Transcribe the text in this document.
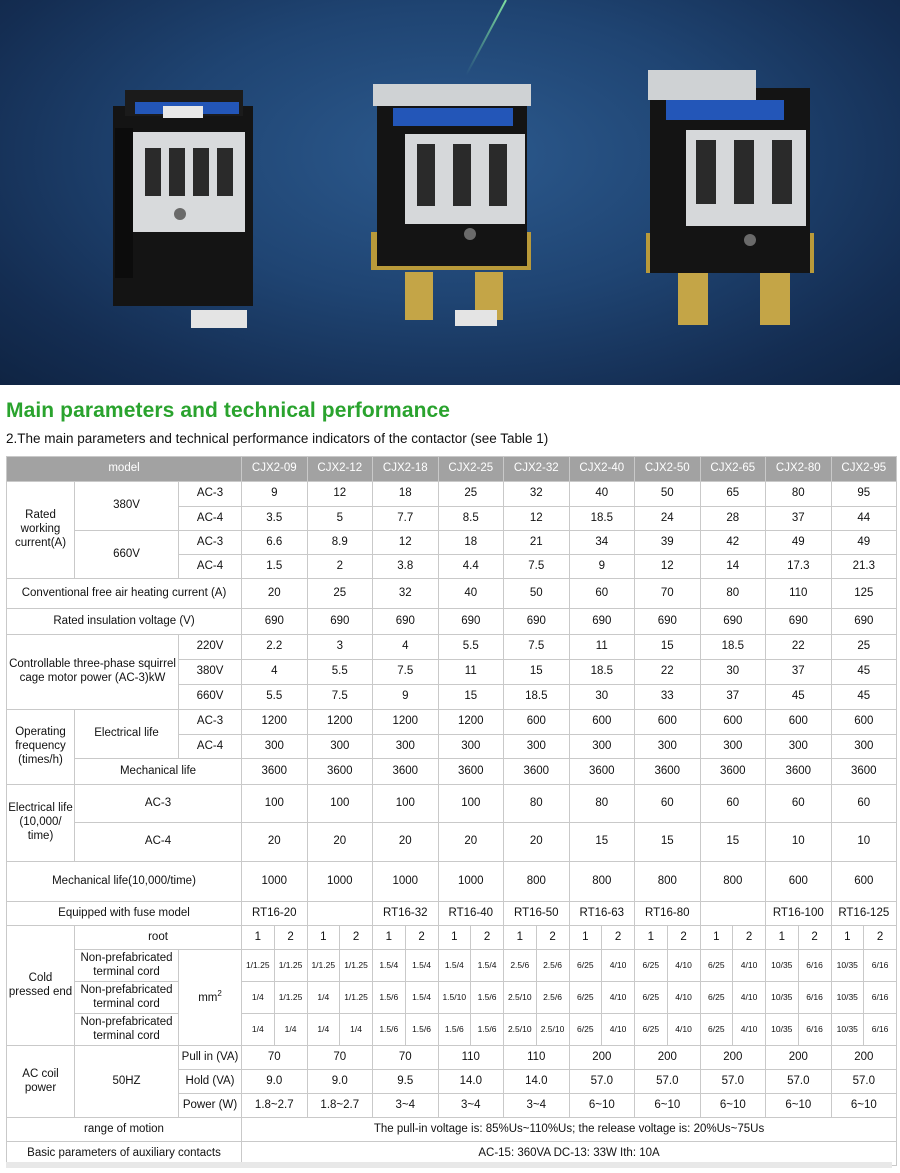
Main parameters and technical performance

2.The main parameters and technical performance indicators of the contactor (see Table 1)

model			CJX2-09		CJX2-12		CJX2-18		CJX2-25		CJX2-32		CJX2-40		CJX2-50		CJX2-65		CJX2-80		CJX2-95	
Rated working current(A)	380V	AC-3	9		12		18		25		32		40		50		65		80		95	
		AC-4	3.5		5		7.7		8.5		12		18.5		24		28		37		44	
	660V	AC-3	6.6		8.9		12		18		21		34		39		42		49		49	
		AC-4	1.5		2		3.8		4.4		7.5		9		12		14		17.3		21.3	
Conventional free air heating current (A)			20		25		32		40		50		60		70		80		110		125	
Rated insulation voltage (V)			690		690		690		690		690		690		690		690		690		690	
Controllable three-phase squirrel cage motor power (AC-3)kW		220V	2.2		3		4		5.5		7.5		11		15		18.5		22		25	
		380V	4		5.5		7.5		11		15		18.5		22		30		37		45	
		660V	5.5		7.5		9		15		18.5		30		33		37		45		45	
Operating frequency (times/h)	Electrical life	AC-3	1200		1200		1200		1200		600		600		600		600		600		600	
		AC-4	300		300		300		300		300		300		300		300		300		300	
	Mechanical life		3600		3600		3600		3600		3600		3600		3600		3600		3600		3600	
Electrical life (10,000/ time)	AC-3		100		100		100		100		80		80		60		60		60		60	
	AC-4		20		20		20		20		20		15		15		15		10		10	
Mechanical life(10,000/time)			1000		1000		1000		1000		800		800		800		800		600		600	
Equipped with fuse model			RT16-20				RT16-32		RT16-40		RT16-50		RT16-63		RT16-80				RT16-100		RT16-125	
Cold pressed end	root		1	2	1	2	1	2	1	2	1	2	1	2	1	2	1	2	1	2	1	2
	Non-prefabricated terminal cord	$mm^2$	1/1.25	1/1.25	1/1.25	1/1.25	1.5/4	1.5/4	1.5/4	1.5/4	2.5/6	2.5/6	6/25	4/10	6/25	4/10	6/25	4/10	10/35	6/16	10/35	6/16
	Non-prefabricated terminal cord		1/4	1/1.25	1/4	1/1.25	1.5/6	1.5/4	1.5/10	1.5/6	2.5/10	2.5/6	6/25	4/10	6/25	4/10	6/25	4/10	10/35	6/16	10/35	6/16
	Non-prefabricated terminal cord		1/4	1/4	1/4	1/4	1.5/6	1.5/6	1.5/6	1.5/6	2.5/10	2.5/10	6/25	4/10	6/25	4/10	6/25	4/10	10/35	6/16	10/35	6/16
AC coil power	50HZ	Pull in (VA)	70		70		70		110		110		200		200		200		200		200	
		Hold (VA)	9.0		9.0		9.5		14.0		14.0		57.0		57.0		57.0		57.0		57.0	
		Power (W)	1.8~2.7		1.8~2.7		3~4		3~4		3~4		6~10		6~10		6~10		6~10		6~10	
range of motion			The pull-in voltage is: 85%Us~110%Us; the release voltage is: 20%Us~75Us																			
Basic parameters of auxiliary contacts			AC-15: 360VA DC-13: 33W Ith: 10A																			
